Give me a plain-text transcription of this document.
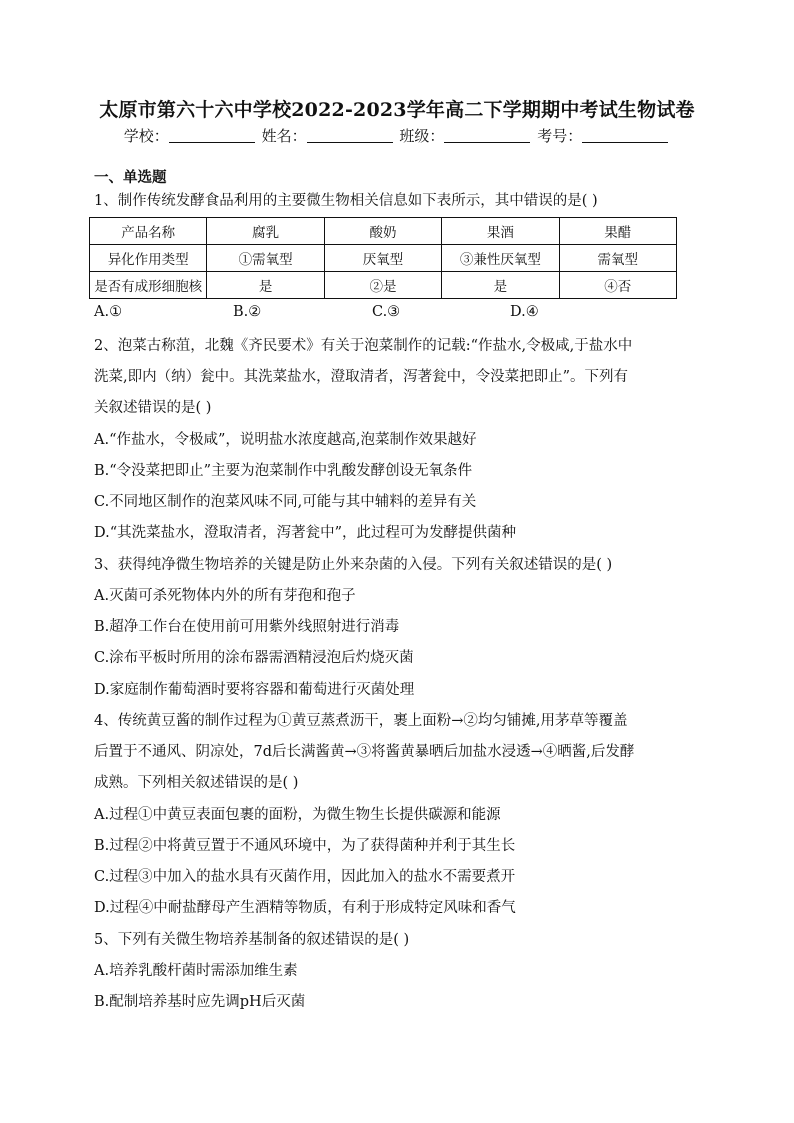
太原市第六十六中学校2022-2023学年高二下学期期中考试生物试卷
学校：	姓名：	班级：	考号：
一、单选题
1、制作传统发酵食品利用的主要微生物相关信息如下表所示，其中错误的是( )
产品名称	腐乳	酸奶	果酒	果醋
异化作用类型	①需氧型	厌氧型	③兼性厌氧型	需氧型
是否有成形细胞核	是	②是	是	④否
A.①	B.②	C.③	D.④
2、泡菜古称菹，北魏《齐民要术》有关于泡菜制作的记载:“作盐水,令极咸,于盐水中
洗菜,即内（纳）瓮中。其洗菜盐水，澄取清者，泻著瓮中，令没菜把即止”。下列有
关叙述错误的是( )
A.“作盐水，令极咸”，说明盐水浓度越高,泡菜制作效果越好
B.“令没菜把即止”主要为泡菜制作中乳酸发酵创设无氧条件
C.不同地区制作的泡菜风味不同,可能与其中辅料的差异有关
D.“其洗菜盐水，澄取清者，泻著瓮中”，此过程可为发酵提供菌种
3、获得纯净微生物培养的关键是防止外来杂菌的入侵。下列有关叙述错误的是( )
A.灭菌可杀死物体内外的所有芽孢和孢子
B.超净工作台在使用前可用紫外线照射进行消毒
C.涂布平板时所用的涂布器需酒精浸泡后灼烧灭菌
D.家庭制作葡萄酒时要将容器和葡萄进行灭菌处理
4、传统黄豆酱的制作过程为①黄豆蒸煮沥干，裹上面粉→②均匀铺摊,用茅草等覆盖
后置于不通风、阴凉处，7d后长满酱黄→③将酱黄暴晒后加盐水浸透→④晒酱,后发酵
成熟。下列相关叙述错误的是( )
A.过程①中黄豆表面包裹的面粉，为微生物生长提供碳源和能源
B.过程②中将黄豆置于不通风环境中，为了获得菌种并利于其生长
C.过程③中加入的盐水具有灭菌作用，因此加入的盐水不需要煮开
D.过程④中耐盐酵母产生酒精等物质，有利于形成特定风味和香气
5、下列有关微生物培养基制备的叙述错误的是( )
A.培养乳酸杆菌时需添加维生素
B.配制培养基时应先调pH后灭菌
